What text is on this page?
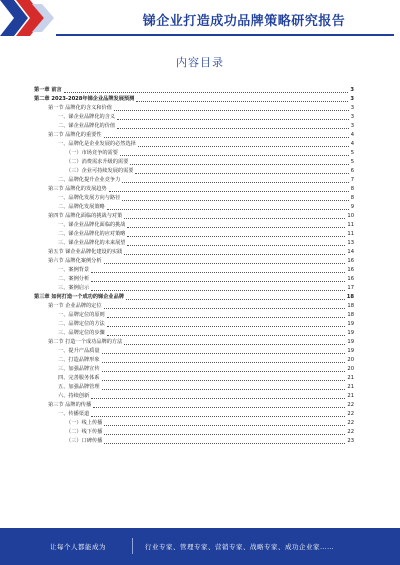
锑企业打造成功品牌策略研究报告
内容目录
第一章 前言	3
第二章 2023-2028年锑企业品牌发展预测	3
第一节 品牌化的含义和价值	3
一、锑企业品牌化的含义	3
二、锑企业品牌化的价值	3
第二节 品牌化的重要性	4
一、品牌化是企业发展的必然选择	4
（一）市场竞争的需要	5
（二）消费需求升级的需要	5
（三）企业可持续发展的需要	6
二、品牌化提升企业竞争力	7
第三节 品牌化的发展趋势	8
一、品牌化发展方向与路径	8
二、品牌化发展策略	9
第四节 品牌化面临的挑战与对策	10
一、锑企业品牌化面临的挑战	11
二、锑企业品牌化的应对策略	11
三、锑企业品牌化的未来展望	13
第五节 锑企业品牌化建设的实践	14
第六节 品牌化案例分析	16
一、案例背景	16
二、案例分析	16
三、案例启示	17
第三章 如何打造一个成功的锑企业品牌	18
第一节 企业品牌的定位	18
一、品牌定位的原则	18
二、品牌定位的方法	19
三、品牌定位的步骤	19
第二节 打造一个成功品牌的方法	19
一、提升产品质量	19
二、打造品牌形象	20
三、加强品牌宣传	20
四、完善服务体系	21
五、加强品牌管理	21
六、持续创新	21
第三节 品牌的传播	22
一、传播渠道	22
（一）线上传播	22
（二）线下传播	22
（三）口碑传播	23
让每个人都能成为	行业专家、管理专家、营销专家、战略专家、成功企业家……
